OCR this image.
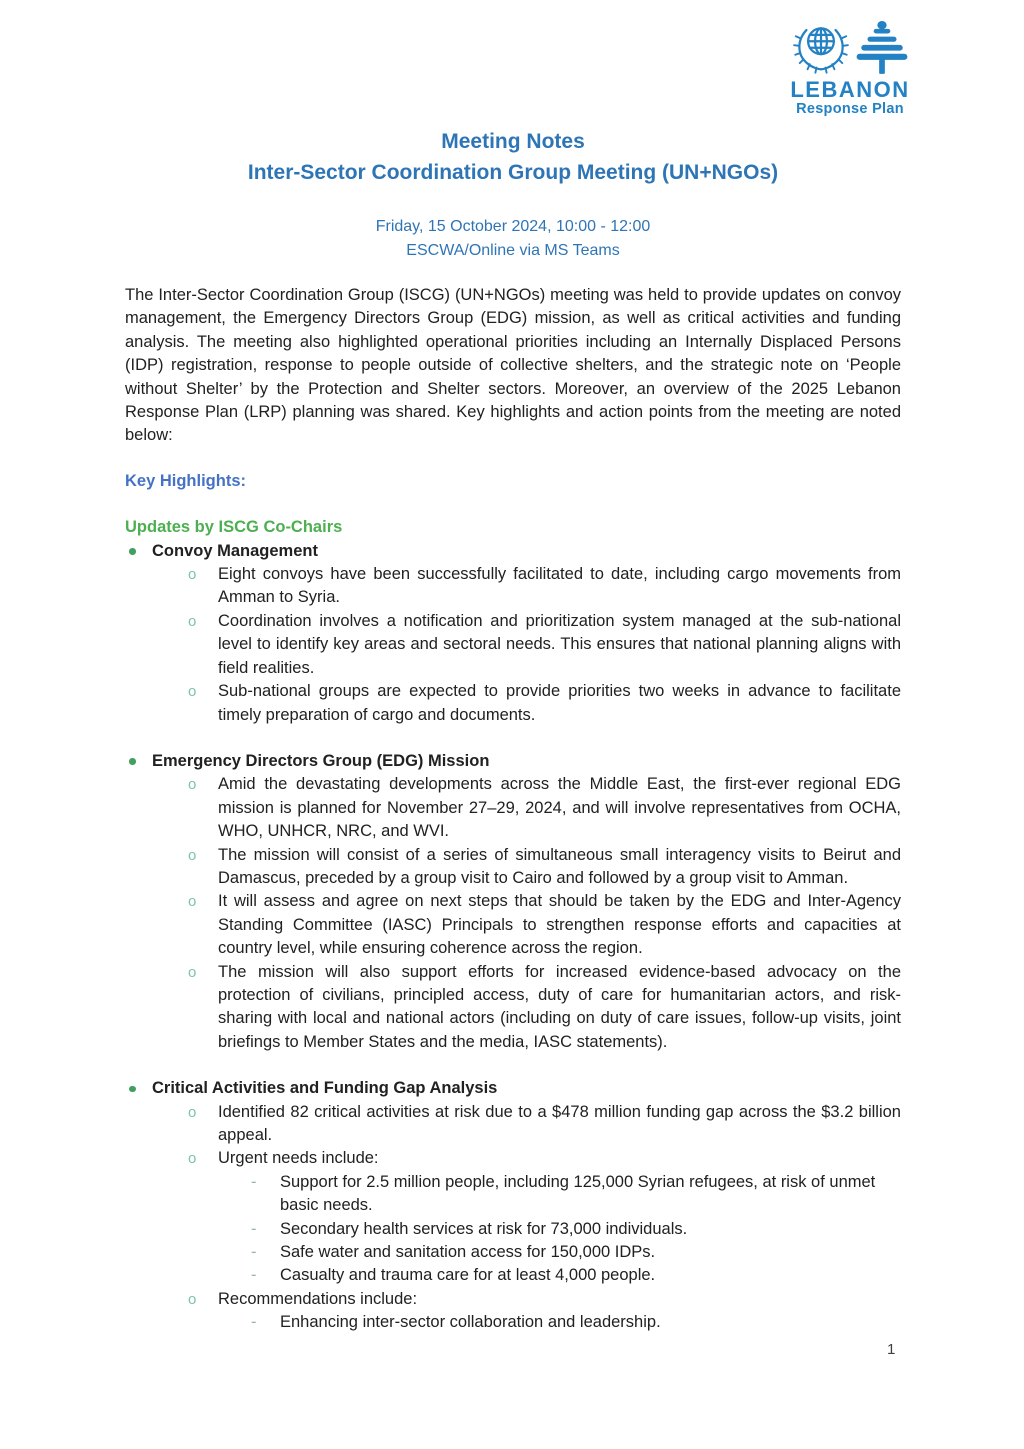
LEBANON
Response Plan
Meeting Notes
Inter-Sector Coordination Group Meeting (UN+NGOs)
Friday, 15 October 2024, 10:00 - 12:00
ESCWA/Online via MS Teams

The Inter-Sector Coordination Group (ISCG) (UN+NGOs) meeting was held to provide updates on convoy management, the Emergency Directors Group (EDG) mission, as well as critical activities and funding analysis. The meeting also highlighted operational priorities including an Internally Displaced Persons (IDP) registration, response to people outside of collective shelters, and the strategic note on ‘People without Shelter’ by the Protection and Shelter sectors. Moreover, an overview of the 2025 Lebanon Response Plan (LRP) planning was shared. Key highlights and action points from the meeting are noted below:

Key Highlights:
Updates by ISCG Co-Chairs
Convoy Management
o	Eight convoys have been successfully facilitated to date, including cargo movements from Amman to Syria.
o	Coordination involves a notification and prioritization system managed at the sub-national level to identify key areas and sectoral needs. This ensures that national planning aligns with field realities.
o	Sub-national groups are expected to provide priorities two weeks in advance to facilitate timely preparation of cargo and documents.
Emergency Directors Group (EDG) Mission
o	Amid the devastating developments across the Middle East, the first-ever regional EDG mission is planned for November 27–29, 2024, and will involve representatives from OCHA, WHO, UNHCR, NRC, and WVI.
o	The mission will consist of a series of simultaneous small interagency visits to Beirut and Damascus, preceded by a group visit to Cairo and followed by a group visit to Amman.
o	It will assess and agree on next steps that should be taken by the EDG and Inter-Agency Standing Committee (IASC) Principals to strengthen response efforts and capacities at country level, while ensuring coherence across the region.
o	The mission will also support efforts for increased evidence-based advocacy on the protection of civilians, principled access, duty of care for humanitarian actors, and risk-sharing with local and national actors (including on duty of care issues, follow-up visits, joint briefings to Member States and the media, IASC statements).
Critical Activities and Funding Gap Analysis
o	Identified 82 critical activities at risk due to a $478 million funding gap across the $3.2 billion appeal.
o	Urgent needs include:
-	Support for 2.5 million people, including 125,000 Syrian refugees, at risk of unmet basic needs.
-	Secondary health services at risk for 73,000 individuals.
-	Safe water and sanitation access for 150,000 IDPs.
-	Casualty and trauma care for at least 4,000 people.
o	Recommendations include:
-	Enhancing inter-sector collaboration and leadership.
1
